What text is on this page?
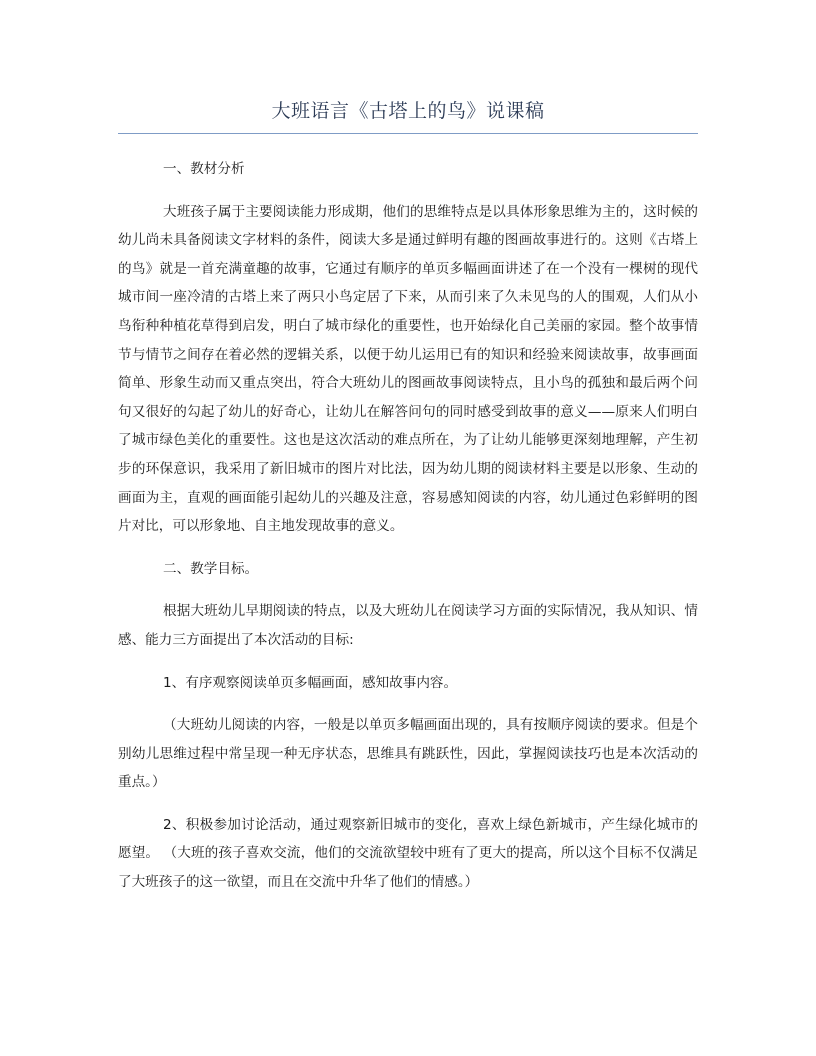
大班语言《古塔上的鸟》说课稿

一、教材分析

大班孩子属于主要阅读能力形成期，他们的思维特点是以具体形象思维为主的，这时候的幼儿尚未具备阅读文字材料的条件，阅读大多是通过鲜明有趣的图画故事进行的。这则《古塔上的鸟》就是一首充满童趣的故事，它通过有顺序的单页多幅画面讲述了在一个没有一棵树的现代城市间一座冷清的古塔上来了两只小鸟定居了下来，从而引来了久未见鸟的人的围观，人们从小鸟衔种种植花草得到启发，明白了城市绿化的重要性，也开始绿化自己美丽的家园。整个故事情节与情节之间存在着必然的逻辑关系，以便于幼儿运用已有的知识和经验来阅读故事，故事画面简单、形象生动而又重点突出，符合大班幼儿的图画故事阅读特点，且小鸟的孤独和最后两个问句又很好的勾起了幼儿的好奇心，让幼儿在解答问句的同时感受到故事的意义——原来人们明白了城市绿色美化的重要性。这也是这次活动的难点所在，为了让幼儿能够更深刻地理解，产生初步的环保意识，我采用了新旧城市的图片对比法，因为幼儿期的阅读材料主要是以形象、生动的画面为主，直观的画面能引起幼儿的兴趣及注意，容易感知阅读的内容，幼儿通过色彩鲜明的图片对比，可以形象地、自主地发现故事的意义。

二、教学目标。

根据大班幼儿早期阅读的特点，以及大班幼儿在阅读学习方面的实际情况，我从知识、情感、能力三方面提出了本次活动的目标:

1、有序观察阅读单页多幅画面，感知故事内容。

（大班幼儿阅读的内容，一般是以单页多幅画面出现的，具有按顺序阅读的要求。但是个别幼儿思维过程中常呈现一种无序状态，思维具有跳跃性，因此，掌握阅读技巧也是本次活动的重点。）

2、积极参加讨论活动，通过观察新旧城市的变化，喜欢上绿色新城市，产生绿化城市的愿望。 （大班的孩子喜欢交流，他们的交流欲望较中班有了更大的提高，所以这个目标不仅满足了大班孩子的这一欲望，而且在交流中升华了他们的情感。）
